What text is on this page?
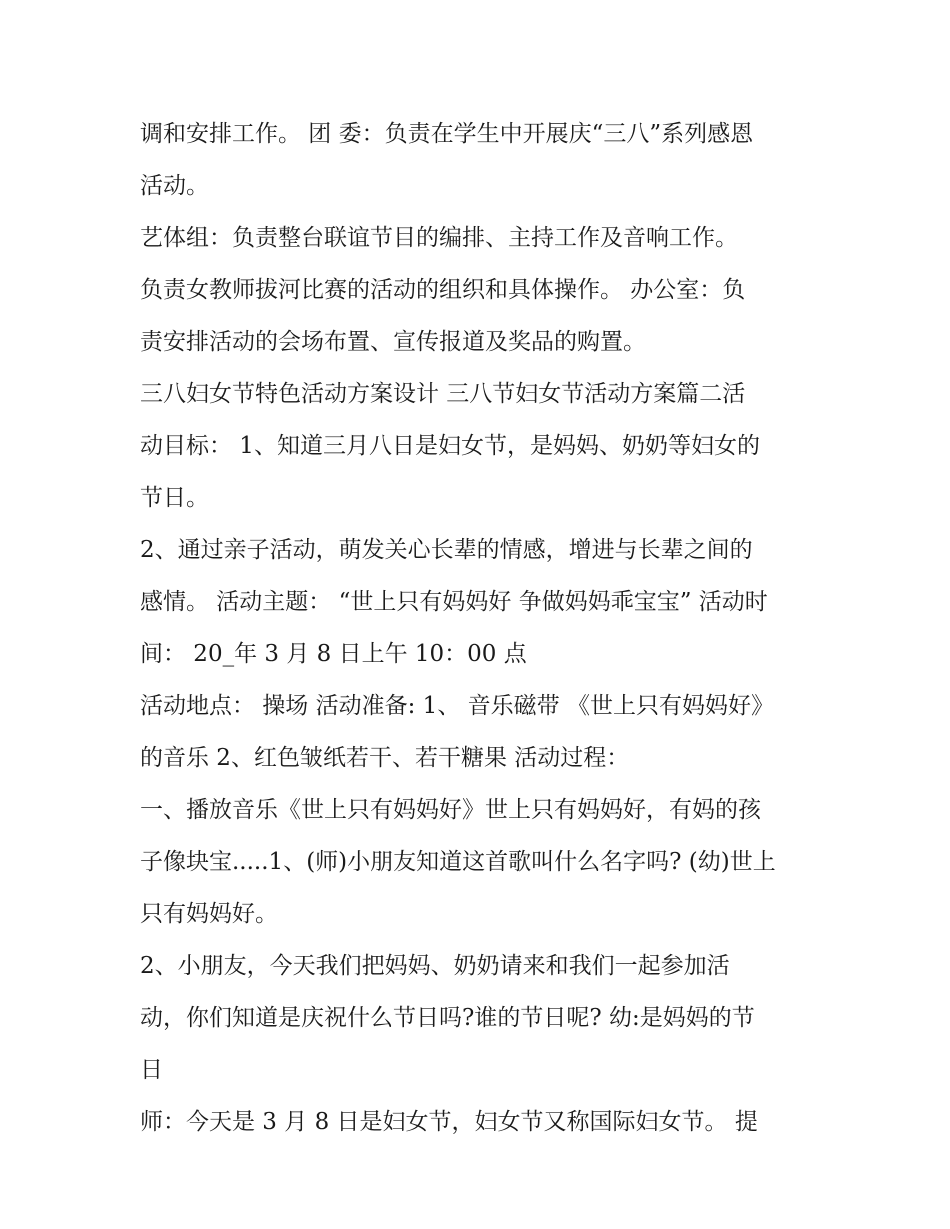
调和安排工作。 团 委：负责在学生中开展庆“三八”系列感恩
活动。
艺体组：负责整台联谊节目的编排、主持工作及音响工作。
负责女教师拔河比赛的活动的组织和具体操作。 办公室：负
责安排活动的会场布置、宣传报道及奖品的购置。
三八妇女节特色活动方案设计 三八节妇女节活动方案篇二活
动目标： 1、知道三月八日是妇女节，是妈妈、奶奶等妇女的
节日。
2、通过亲子活动，萌发关心长辈的情感，增进与长辈之间的
感情。 活动主题： “世上只有妈妈好 争做妈妈乖宝宝” 活动时
间： 20_年 3 月 8 日上午 10：00 点
活动地点： 操场 活动准备: 1、 音乐磁带 《世上只有妈妈好》
的音乐 2、红色皱纸若干、若干糖果 活动过程：
一、播放音乐《世上只有妈妈好》世上只有妈妈好，有妈的孩
子像块宝.....1、(师)小朋友知道这首歌叫什么名字吗? (幼)世上
只有妈妈好。
2、小朋友，今天我们把妈妈、奶奶请来和我们一起参加活
动，你们知道是庆祝什么节日吗?谁的节日呢? 幼:是妈妈的节
日
师：今天是 3 月 8 日是妇女节，妇女节又称国际妇女节。 提
